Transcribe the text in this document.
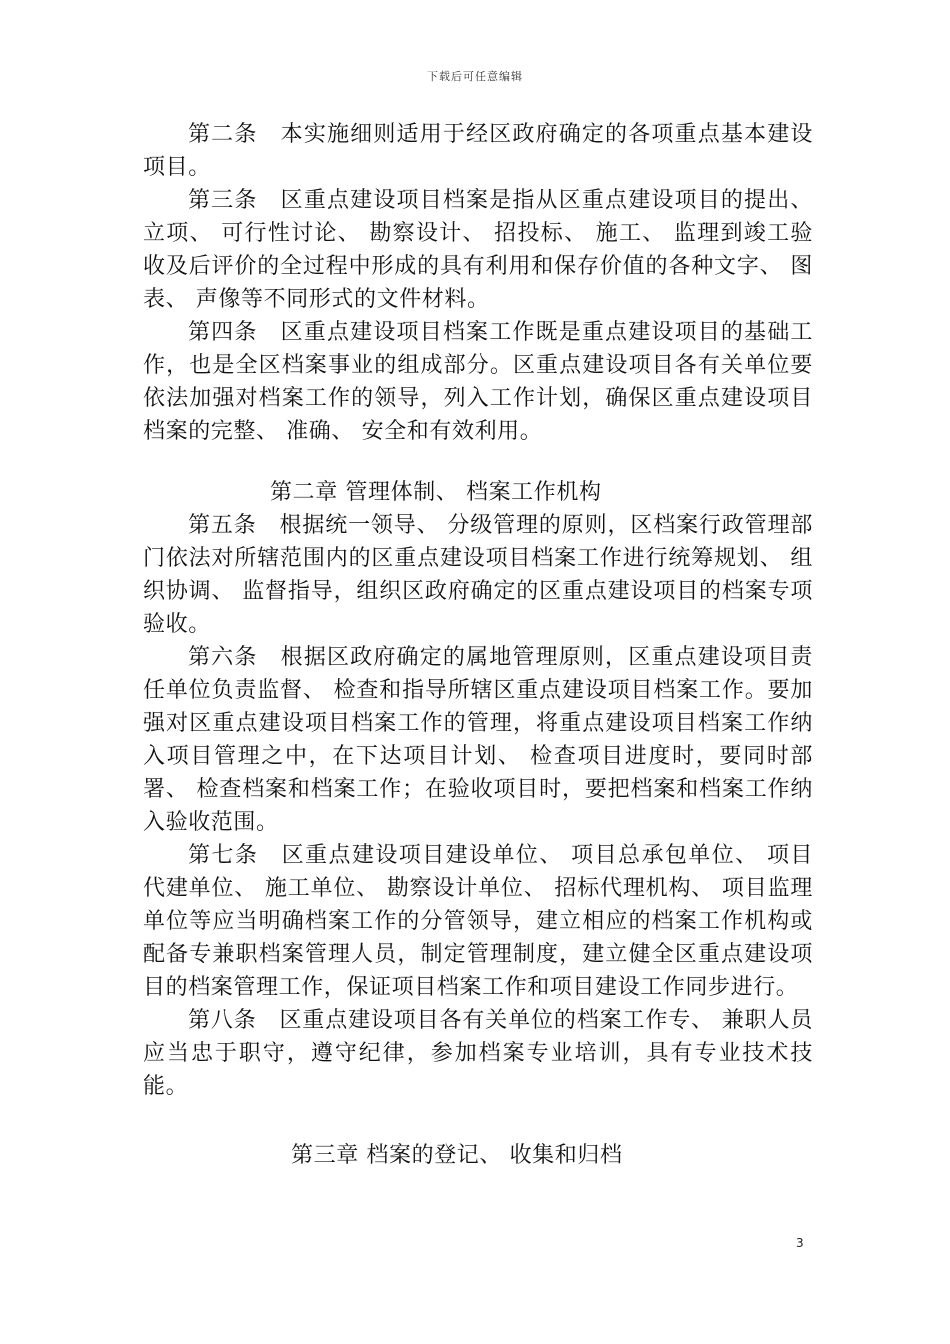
下载后可任意编辑

第二条　本实施细则适用于经区政府确定的各项重点基本建设项目。

第三条　区重点建设项目档案是指从区重点建设项目的提出、 立项、 可行性讨论、 勘察设计、 招投标、 施工、 监理到竣工验收及后评价的全过程中形成的具有利用和保存价值的各种文字、 图表、 声像等不同形式的文件材料。

第四条　区重点建设项目档案工作既是重点建设项目的基础工作，也是全区档案事业的组成部分。区重点建设项目各有关单位要依法加强对档案工作的领导，列入工作计划，确保区重点建设项目档案的完整、 准确、 安全和有效利用。

第二章 管理体制、 档案工作机构

第五条　根据统一领导、 分级管理的原则，区档案行政管理部门依法对所辖范围内的区重点建设项目档案工作进行统筹规划、 组织协调、 监督指导，组织区政府确定的区重点建设项目的档案专项验收。

第六条　根据区政府确定的属地管理原则，区重点建设项目责任单位负责监督、 检查和指导所辖区重点建设项目档案工作。要加强对区重点建设项目档案工作的管理，将重点建设项目档案工作纳入项目管理之中，在下达项目计划、 检查项目进度时，要同时部署、 检查档案和档案工作；在验收项目时，要把档案和档案工作纳入验收范围。

第七条　区重点建设项目建设单位、 项目总承包单位、 项目代建单位、 施工单位、 勘察设计单位、 招标代理机构、 项目监理单位等应当明确档案工作的分管领导，建立相应的档案工作机构或配备专兼职档案管理人员，制定管理制度，建立健全区重点建设项目的档案管理工作，保证项目档案工作和项目建设工作同步进行。

第八条　区重点建设项目各有关单位的档案工作专、 兼职人员应当忠于职守，遵守纪律，参加档案专业培训，具有专业技术技能。

第三章 档案的登记、 收集和归档

3
